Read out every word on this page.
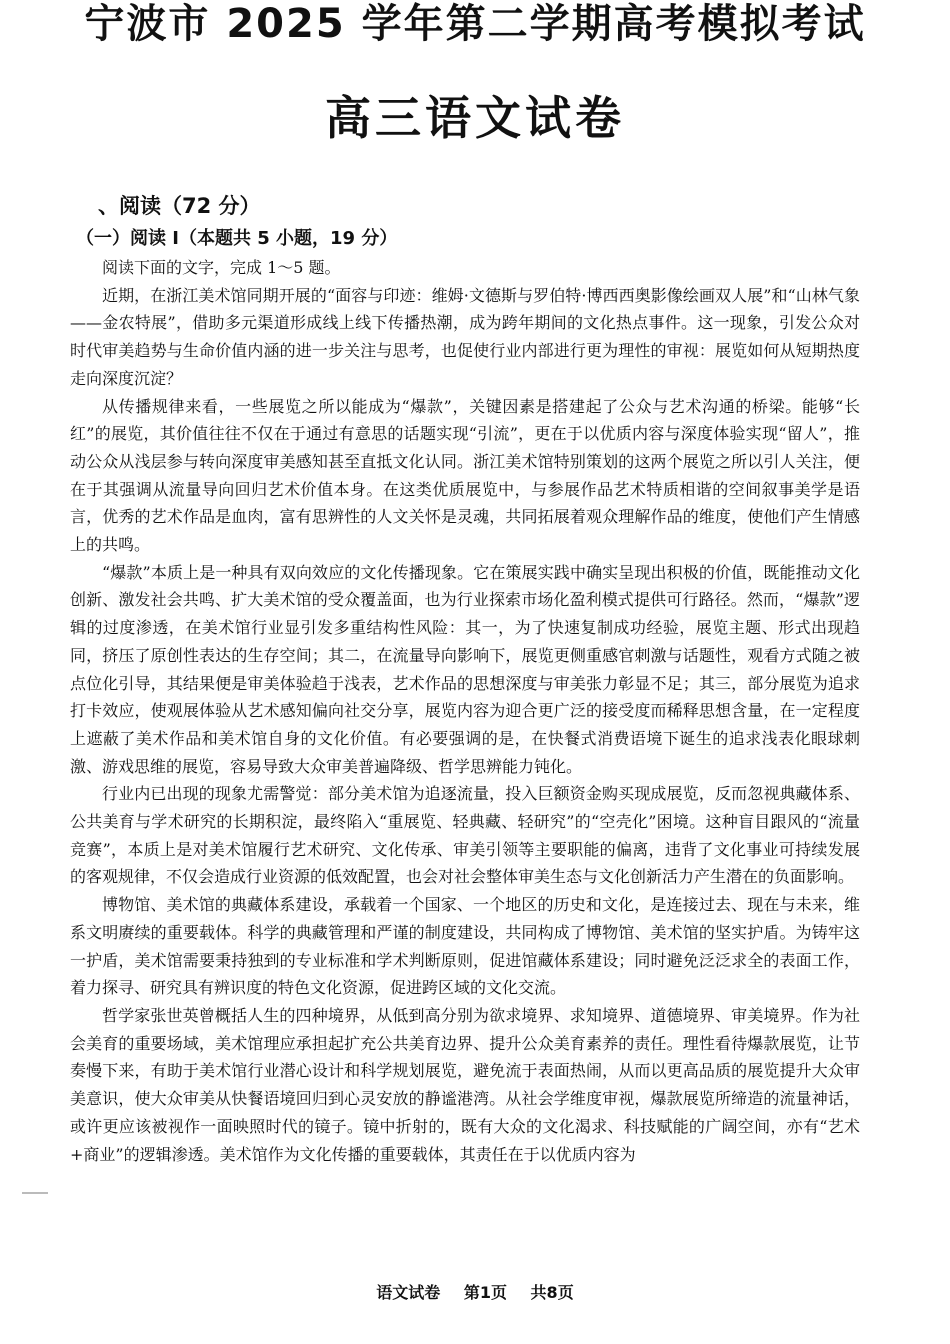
宁波市 2025 学年第二学期高考模拟考试
高三语文试卷
、阅读（72 分）
（一）阅读 I（本题共 5 小题，19 分）

阅读下面的文字，完成 1～5 题。

近期，在浙江美术馆同期开展的“面容与印迹：维姆·文德斯与罗伯特·博西西奥影像绘画双人展”和“山林气象——金农特展”，借助多元渠道形成线上线下传播热潮，成为跨年期间的文化热点事件。这一现象，引发公众对时代审美趋势与生命价值内涵的进一步关注与思考，也促使行业内部进行更为理性的审视：展览如何从短期热度走向深度沉淀？

从传播规律来看，一些展览之所以能成为“爆款”，关键因素是搭建起了公众与艺术沟通的桥梁。能够“长红”的展览，其价值往往不仅在于通过有意思的话题实现“引流”，更在于以优质内容与深度体验实现“留人”，推动公众从浅层参与转向深度审美感知甚至直抵文化认同。浙江美术馆特别策划的这两个展览之所以引人关注，便在于其强调从流量导向回归艺术价值本身。在这类优质展览中，与参展作品艺术特质相谐的空间叙事美学是语言，优秀的艺术作品是血肉，富有思辨性的人文关怀是灵魂，共同拓展着观众理解作品的维度，使他们产生情感上的共鸣。

“爆款”本质上是一种具有双向效应的文化传播现象。它在策展实践中确实呈现出积极的价值，既能推动文化创新、激发社会共鸣、扩大美术馆的受众覆盖面，也为行业探索市场化盈利模式提供可行路径。然而，“爆款”逻辑的过度渗透，在美术馆行业显引发多重结构性风险：其一，为了快速复制成功经验，展览主题、形式出现趋同，挤压了原创性表达的生存空间；其二，在流量导向影响下，展览更侧重感官刺激与话题性，观看方式随之被点位化引导，其结果便是审美体验趋于浅表，艺术作品的思想深度与审美张力彰显不足；其三，部分展览为追求打卡效应，使观展体验从艺术感知偏向社交分享，展览内容为迎合更广泛的接受度而稀释思想含量，在一定程度上遮蔽了美术作品和美术馆自身的文化价值。有必要强调的是，在快餐式消费语境下诞生的追求浅表化眼球刺激、游戏思维的展览，容易导致大众审美普遍降级、哲学思辨能力钝化。

行业内已出现的现象尤需警觉：部分美术馆为追逐流量，投入巨额资金购买现成展览，反而忽视典藏体系、公共美育与学术研究的长期积淀，最终陷入“重展览、轻典藏、轻研究”的“空壳化”困境。这种盲目跟风的“流量竞赛”，本质上是对美术馆履行艺术研究、文化传承、审美引领等主要职能的偏离，违背了文化事业可持续发展的客观规律，不仅会造成行业资源的低效配置，也会对社会整体审美生态与文化创新活力产生潜在的负面影响。

博物馆、美术馆的典藏体系建设，承载着一个国家、一个地区的历史和文化，是连接过去、现在与未来，维系文明赓续的重要载体。科学的典藏管理和严谨的制度建设，共同构成了博物馆、美术馆的坚实护盾。为铸牢这一护盾，美术馆需要秉持独到的专业标准和学术判断原则，促进馆藏体系建设；同时避免泛泛求全的表面工作，着力探寻、研究具有辨识度的特色文化资源，促进跨区域的文化交流。

哲学家张世英曾概括人生的四种境界，从低到高分别为欲求境界、求知境界、道德境界、审美境界。作为社会美育的重要场域，美术馆理应承担起扩充公共美育边界、提升公众美育素养的责任。理性看待爆款展览，让节奏慢下来，有助于美术馆行业潜心设计和科学规划展览，避免流于表面热闹，从而以更高品质的展览提升大众审美意识，使大众审美从快餐语境回归到心灵安放的静谧港湾。从社会学维度审视，爆款展览所缔造的流量神话，或许更应该被视作一面映照时代的镜子。镜中折射的，既有大众的文化渴求、科技赋能的广阔空间，亦有“艺术+商业”的逻辑渗透。美术馆作为文化传播的重要载体，其责任在于以优质内容为

语文试卷 第1页 共8页
